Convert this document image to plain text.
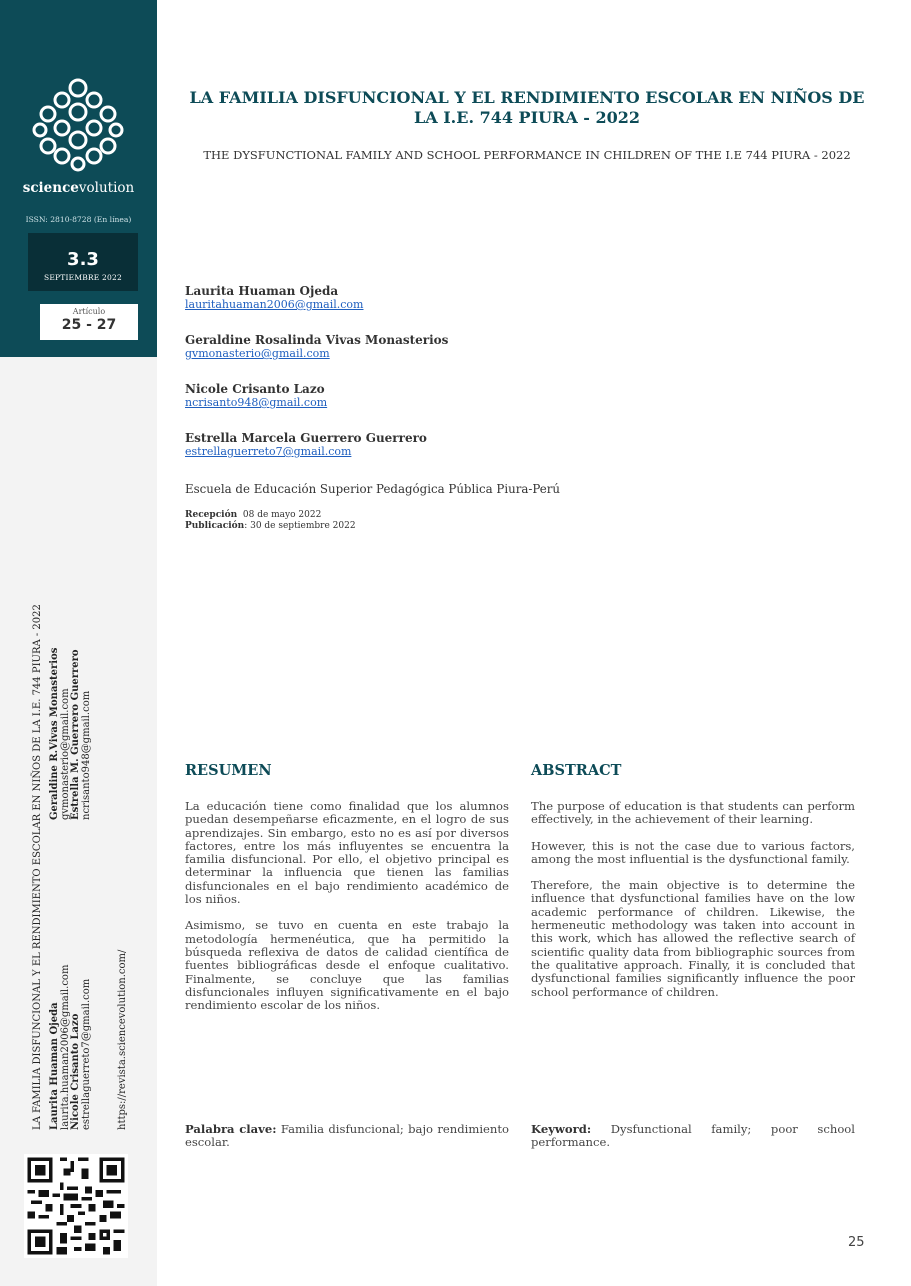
sciencevolution
ISSN: 2810-8728 (En línea)
3.3
SEPTIEMBRE 2022
Artículo
25 - 27
LA FAMILIA DISFUNCIONAL Y EL RENDIMIENTO ESCOLAR EN NIÑOS DE LA I.E. 744 PIURA - 2022 Laurita Huaman Ojeda laurita.huaman2006@gmail.com Nicole Crisanto Lazo estrellaguerreto7@gmail.com
Geraldine R.Vivas Monasterios gvmonasterio@gmail.com Estrella M. Guerrero Guerrero ncrisanto948@gmail.com
https://revista.sciencevolution.com/
LA FAMILIA DISFUNCIONAL Y EL RENDIMIENTO ESCOLAR EN NIÑOS DE LA I.E. 744 PIURA - 2022
THE DYSFUNCTIONAL FAMILY AND SCHOOL PERFORMANCE IN CHILDREN OF THE I.E 744 PIURA - 2022
Laurita Huaman Ojeda
lauritahuaman2006@gmail.com
Geraldine Rosalinda Vivas Monasterios
gvmonasterio@gmail.com
Nicole Crisanto Lazo
ncrisanto948@gmail.com
Estrella Marcela Guerrero Guerrero
estrellaguerreto7@gmail.com
Escuela de Educación Superior Pedagógica Pública Piura-Perú
Recepción 08 de mayo 2022
Publicación: 30 de septiembre 2022
RESUMEN

La educación tiene como finalidad que los alumnos puedan desempeñarse eficazmente, en el logro de sus aprendizajes. Sin embargo, esto no es así por diversos factores, entre los más influyentes se encuentra la familia disfuncional. Por ello, el objetivo principal es determinar la influencia que tienen las familias disfuncionales en el bajo rendimiento académico de los niños.

Asimismo, se tuvo en cuenta en este trabajo la metodología hermenéutica, que ha permitido la búsqueda reflexiva de datos de calidad científica de fuentes bibliográficas desde el enfoque cualitativo. Finalmente, se concluye que las familias disfuncionales influyen significativamente en el bajo rendimiento escolar de los niños.

Palabra clave: Familia disfuncional; bajo rendimiento escolar.
ABSTRACT

The purpose of education is that students can perform effectively, in the achievement of their learning.

However, this is not the case due to various factors, among the most influential is the dysfunctional family.

Therefore, the main objective is to determine the influence that dysfunctional families have on the low academic performance of children. Likewise, the hermeneutic methodology was taken into account in this work, which has allowed the reflective search of scientific quality data from bibliographic sources from the qualitative approach. Finally, it is concluded that dysfunctional families significantly influence the poor school performance of children.

Keyword: Dysfunctional family; poor school performance.
25
